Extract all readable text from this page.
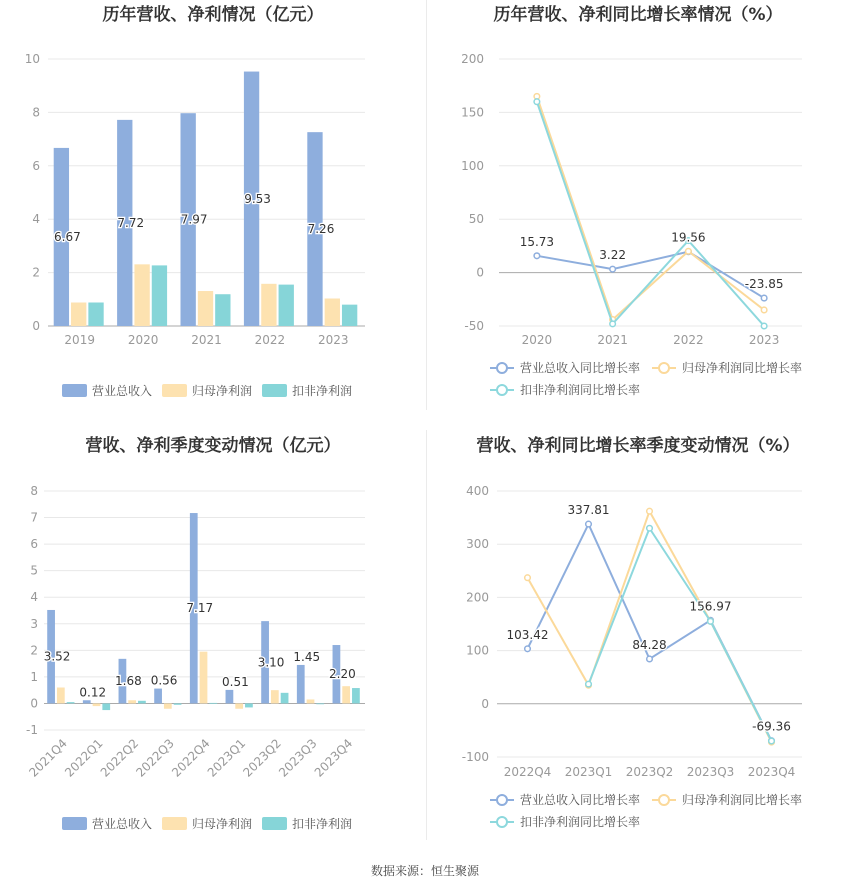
历年营收、净利情况（亿元）
0
2
4
6
8
10
2019	2020	2021	2022	2023
6.67
7.72	7.97
9.53
7.26
营业总收入	归母净利润	扣非净利润
历年营收、净利同比增长率情况（%）
-50
0
50
100
150
200
2020	2021	2022	2023
15.73
3.22
19.56
-23.85
营业总收入同比增长率	归母净利润同比增长率
扣非净利润同比增长率
营收、净利季度变动情况（亿元）
-1
0
1
2
3
4
5
6
7
8
2021Q4
2022Q1
2022Q2
2022Q3
2022Q4
2023Q1
2023Q2
2023Q3
2023Q4
3.52
0.12
1.68 0.56
7.17
0.51
3.10 1.45
2.20
营业总收入	归母净利润	扣非净利润
营收、净利同比增长率季度变动情况（%）
-100
0
100
200
300
400
2022Q4 2023Q1 2023Q2 2023Q3 2023Q4
103.42
337.81
84.28
156.97
-69.36
营业总收入同比增长率	归母净利润同比增长率
扣非净利润同比增长率
数据来源：恒生聚源
